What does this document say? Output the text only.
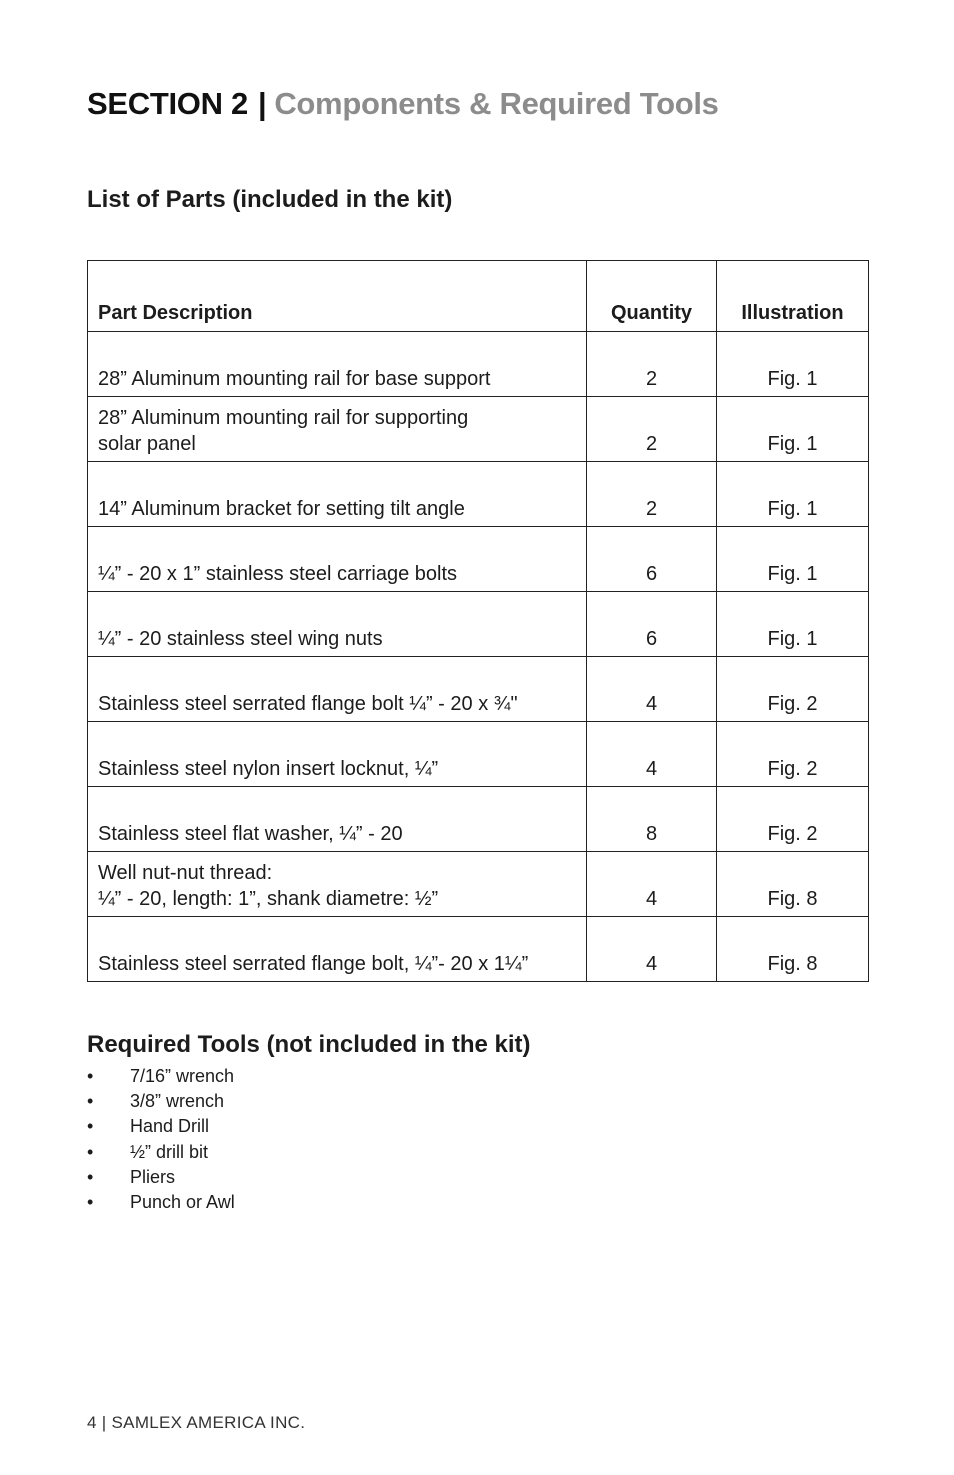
SECTION 2 | Components & Required Tools
List of Parts (included in the kit)
Part Description	Quantity	Illustration

28” Aluminum mounting rail for base support	2	Fig. 1

28” Aluminum mounting rail for supporting
solar panel	2	Fig. 1

14” Aluminum bracket for setting tilt angle	2	Fig. 1

¼” - 20 x 1” stainless steel carriage bolts	6	Fig. 1

¼” - 20 stainless steel wing nuts	6	Fig. 1

Stainless steel serrated flange bolt ¼” - 20 x ¾"	4	Fig. 2

Stainless steel nylon insert locknut, ¼”	4	Fig. 2

Stainless steel flat washer, ¼” - 20	8	Fig. 2

Well nut-nut thread:
¼” - 20, length: 1”, shank diametre: ½”	4	Fig. 8

Stainless steel serrated flange bolt, ¼”- 20 x 1¼”	4	Fig. 8
Required Tools (not included in the kit)
• 7/16” wrench
• 3/8” wrench
• Hand Drill
• ½” drill bit
• Pliers
• Punch or Awl
4 | SAMLEX AMERICA INC.
